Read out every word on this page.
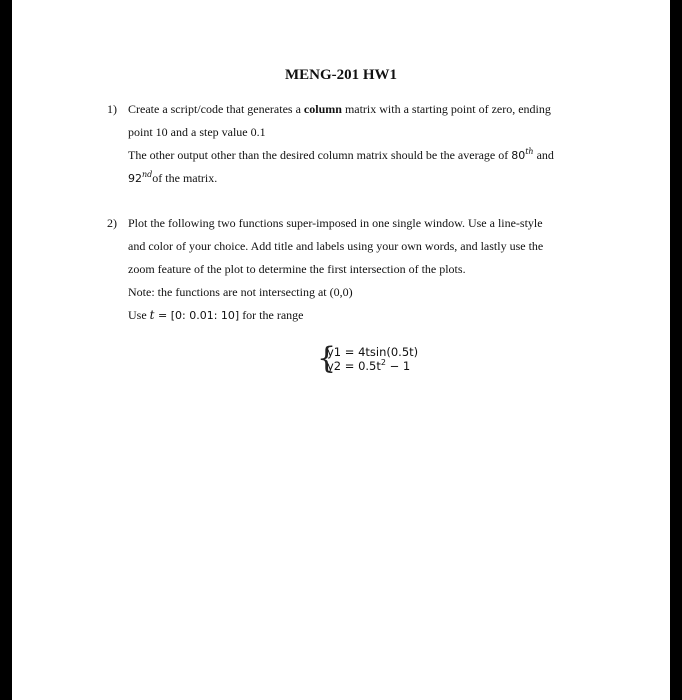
MENG-201 HW1
1) Create a script/code that generates a column matrix with a starting point of zero, ending
point 10 and a step value 0.1
The other output other than the desired column matrix should be the average of 80th and
92ndof the matrix.
2) Plot the following two functions super-imposed in one single window. Use a line-style
and color of your choice. Add title and labels using your own words, and lastly use the
zoom feature of the plot to determine the first intersection of the plots.
Note: the functions are not intersecting at (0,0)
Use t = [0: 0.01: 10] for the range
{
y1 = 4tsin(0.5t)
$y2 = 0.5t^2 - 1$
